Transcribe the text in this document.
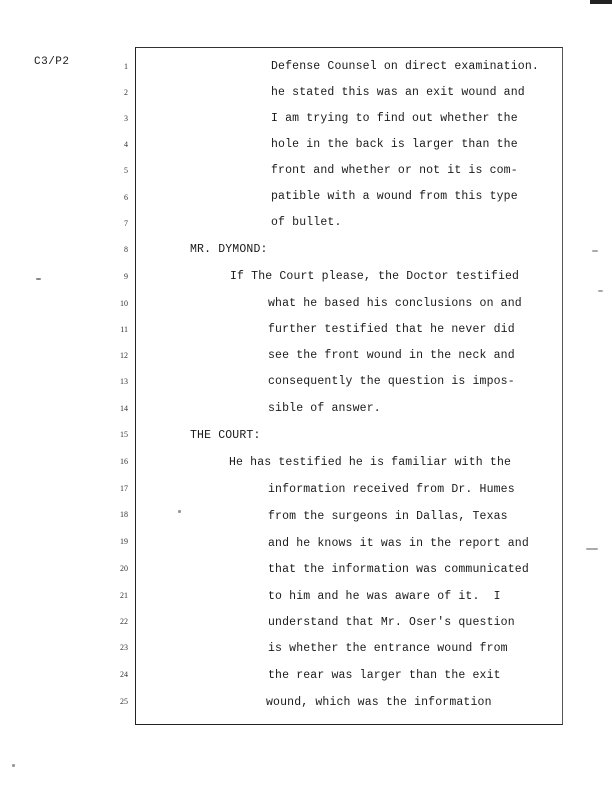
C3/P2	1
2
3
4
5
6
7
8
9
10
11
12
13
14
15
16
17
18
19
20
21
22
23
24
25
Defense Counsel on direct examination.
he stated this was an exit wound and
I am trying to find out whether the
hole in the back is larger than the
front and whether or not it is com-
patible with a wound from this type
of bullet.
MR. DYMOND:
If The Court please, the Doctor testified
what he based his conclusions on and
further testified that he never did
see the front wound in the neck and
consequently the question is impos-
sible of answer.
THE COURT:
He has testified he is familiar with the
information received from Dr. Humes
from the surgeons in Dallas, Texas
and he knows it was in the report and
that the information was communicated
to him and he was aware of it.  I
understand that Mr. Oser's question
is whether the entrance wound from
the rear was larger than the exit
wound, which was the information
